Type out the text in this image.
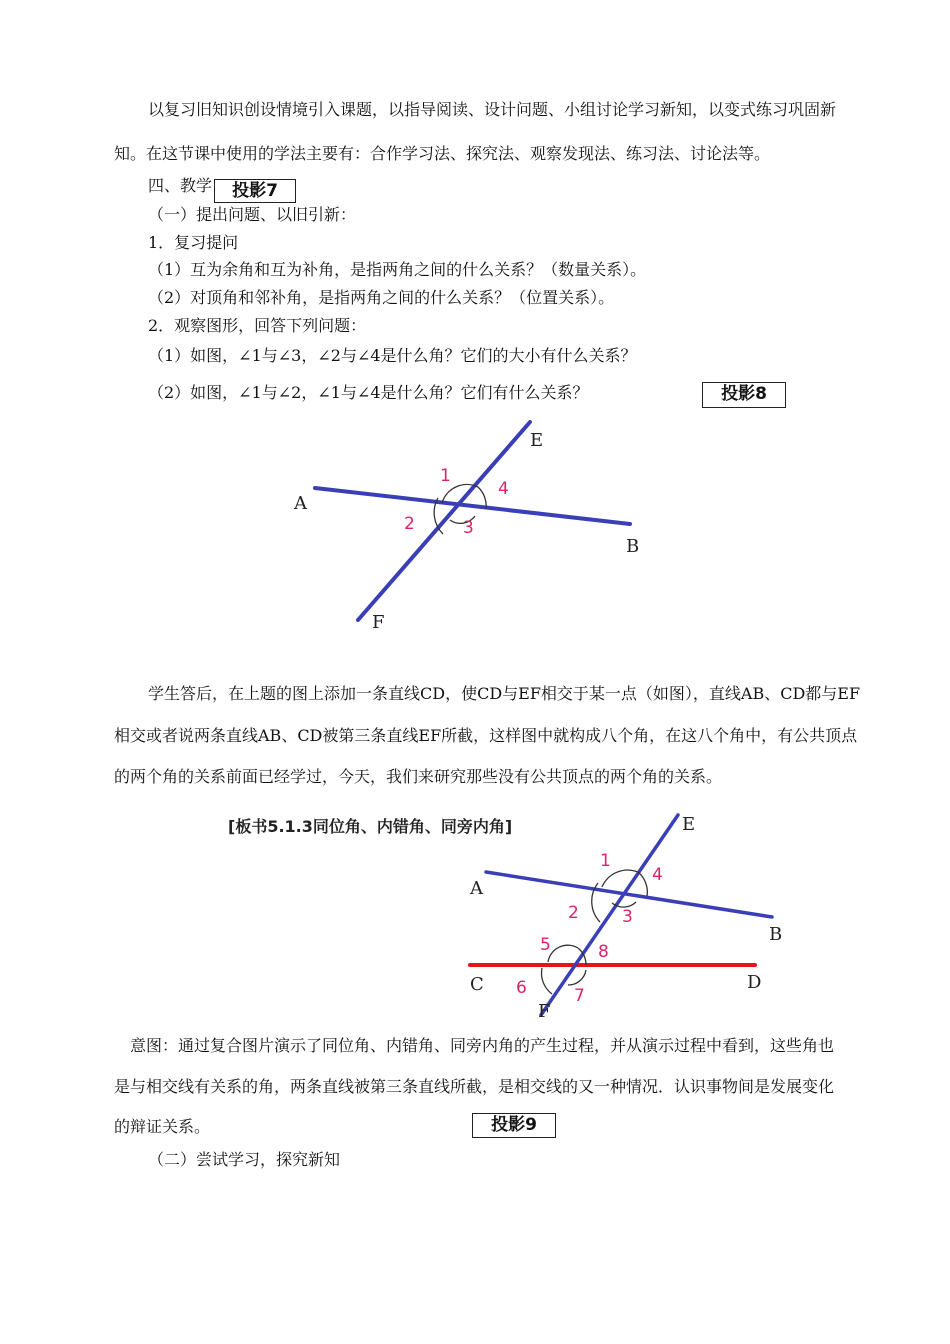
以复习旧知识创设情境引入课题，以指导阅读、设计问题、小组讨论学习新知，以变式练习巩固新
知。在这节课中使用的学法主要有：合作学习法、探究法、观察发现法、练习法、讨论法等。
四、教学	投影7
（一）提出问题、以旧引新：
1．复习提问
（1）互为余角和互为补角，是指两角之间的什么关系？（数量关系）。
（2）对顶角和邻补角，是指两角之间的什么关系？（位置关系）。
2．观察图形，回答下列问题：
（1）如图，∠1与∠3，∠2与∠4是什么角？它们的大小有什么关系？
（2）如图，∠1与∠2，∠1与∠4是什么角？它们有什么关系？	投影8
A
B
E
F
1
2	3
4
学生答后，在上题的图上添加一条直线CD，使CD与EF相交于某一点（如图），直线AB、CD都与EF
相交或者说两条直线AB、CD被第三条直线EF所截，这样图中就构成八个角，在这八个角中，有公共顶点
的两个角的关系前面已经学过，今天，我们来研究那些没有公共顶点的两个角的关系。
[板书5.1.3同位角、内错角、同旁内角]
A
B
C	D
E
F
1
2	3
4
5
6	7
8
意图：通过复合图片演示了同位角、内错角、同旁内角的产生过程，并从演示过程中看到，这些角也
是与相交线有关系的角，两条直线被第三条直线所截，是相交线的又一种情况．认识事物间是发展变化
的辩证关系。	投影9
（二）尝试学习，探究新知
